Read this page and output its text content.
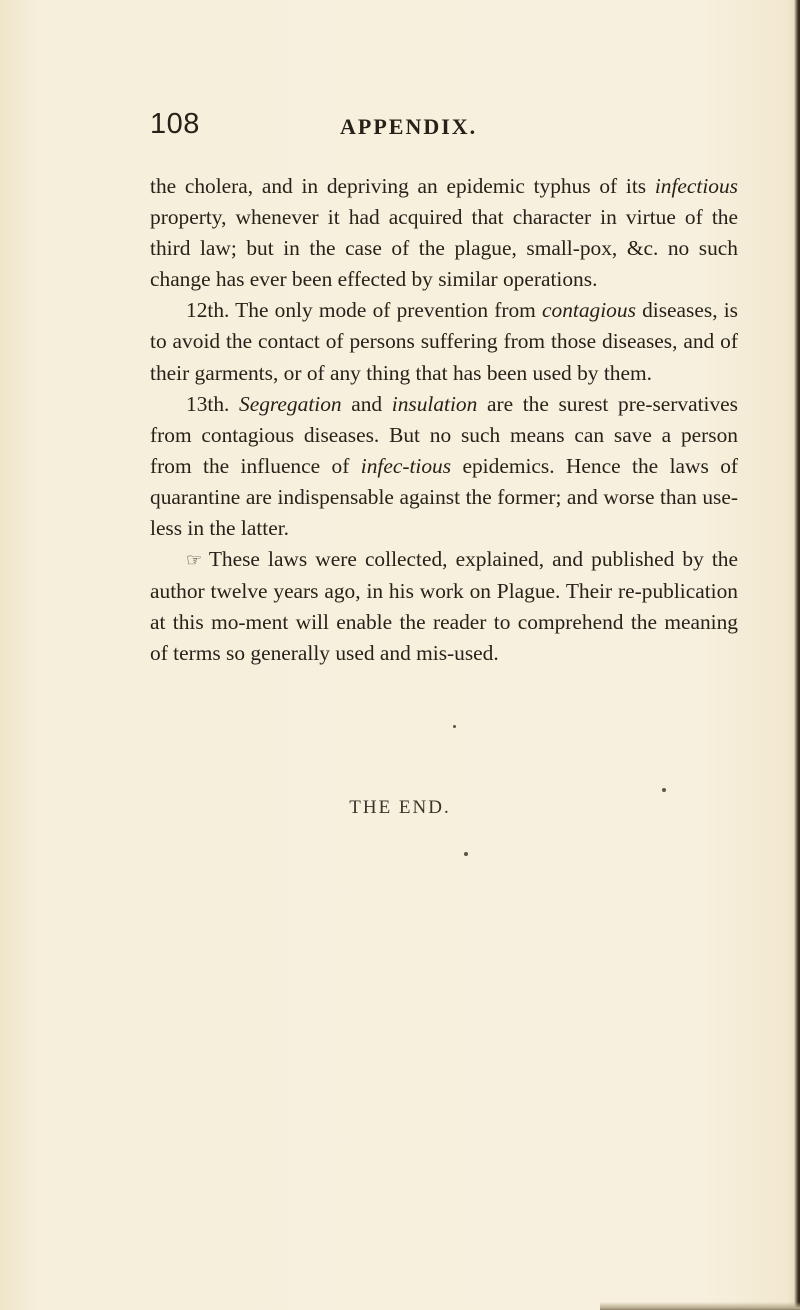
108	APPENDIX.

the cholera, and in depriving an epidemic typhus of its infectious property, whenever it had acquired that character in virtue of the third law; but in the case of the plague, small-pox, &c. no such change has ever been effected by similar operations.

12th. The only mode of prevention from contagious diseases, is to avoid the contact of persons suffering from those diseases, and of their garments, or of any thing that has been used by them.

13th. Segregation and insulation are the surest pre-servatives from contagious diseases. But no such means can save a person from the influence of infec-tious epidemics. Hence the laws of quarantine are indispensable against the former; and worse than use-less in the latter.

☞ These laws were collected, explained, and published by the author twelve years ago, in his work on Plague. Their re-publication at this mo-ment will enable the reader to comprehend the meaning of terms so generally used and mis-used.

THE END.
